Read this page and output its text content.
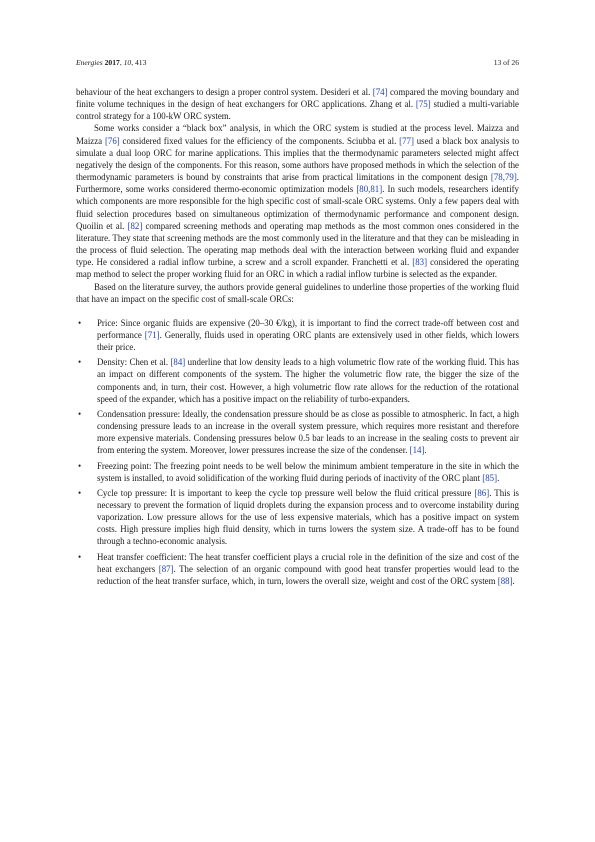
Energies 2017, 10, 413	13 of 26

behaviour of the heat exchangers to design a proper control system. Desideri et al. [74] compared the moving boundary and finite volume techniques in the design of heat exchangers for ORC applications. Zhang et al. [75] studied a multi-variable control strategy for a 100-kW ORC system.

Some works consider a “black box” analysis, in which the ORC system is studied at the process level. Maizza and Maizza [76] considered fixed values for the efficiency of the components. Sciubba et al. [77] used a black box analysis to simulate a dual loop ORC for marine applications. This implies that the thermodynamic parameters selected might affect negatively the design of the components. For this reason, some authors have proposed methods in which the selection of the thermodynamic parameters is bound by constraints that arise from practical limitations in the component design [78,79]. Furthermore, some works considered thermo-economic optimization models [80,81]. In such models, researchers identify which components are more responsible for the high specific cost of small-scale ORC systems. Only a few papers deal with fluid selection procedures based on simultaneous optimization of thermodynamic performance and component design. Quoilin et al. [82] compared screening methods and operating map methods as the most common ones considered in the literature. They state that screening methods are the most commonly used in the literature and that they can be misleading in the process of fluid selection. The operating map methods deal with the interaction between working fluid and expander type. He considered a radial inflow turbine, a screw and a scroll expander. Franchetti et al. [83] considered the operating map method to select the proper working fluid for an ORC in which a radial inflow turbine is selected as the expander.

Based on the literature survey, the authors provide general guidelines to underline those properties of the working fluid that have an impact on the specific cost of small-scale ORCs:

• Price: Since organic fluids are expensive (20–30 €/kg), it is important to find the correct trade-off between cost and performance [71]. Generally, fluids used in operating ORC plants are extensively used in other fields, which lowers their price.
• Density: Chen et al. [84] underline that low density leads to a high volumetric flow rate of the working fluid. This has an impact on different components of the system. The higher the volumetric flow rate, the bigger the size of the components and, in turn, their cost. However, a high volumetric flow rate allows for the reduction of the rotational speed of the expander, which has a positive impact on the reliability of turbo-expanders.
• Condensation pressure: Ideally, the condensation pressure should be as close as possible to atmospheric. In fact, a high condensing pressure leads to an increase in the overall system pressure, which requires more resistant and therefore more expensive materials. Condensing pressures below 0.5 bar leads to an increase in the sealing costs to prevent air from entering the system. Moreover, lower pressures increase the size of the condenser. [14].
• Freezing point: The freezing point needs to be well below the minimum ambient temperature in the site in which the system is installed, to avoid solidification of the working fluid during periods of inactivity of the ORC plant [85].
• Cycle top pressure: It is important to keep the cycle top pressure well below the fluid critical pressure [86]. This is necessary to prevent the formation of liquid droplets during the expansion process and to overcome instability during vaporization. Low pressure allows for the use of less expensive materials, which has a positive impact on system costs. High pressure implies high fluid density, which in turns lowers the system size. A trade-off has to be found through a techno-economic analysis.
• Heat transfer coefficient: The heat transfer coefficient plays a crucial role in the definition of the size and cost of the heat exchangers [87]. The selection of an organic compound with good heat transfer properties would lead to the reduction of the heat transfer surface, which, in turn, lowers the overall size, weight and cost of the ORC system [88].
